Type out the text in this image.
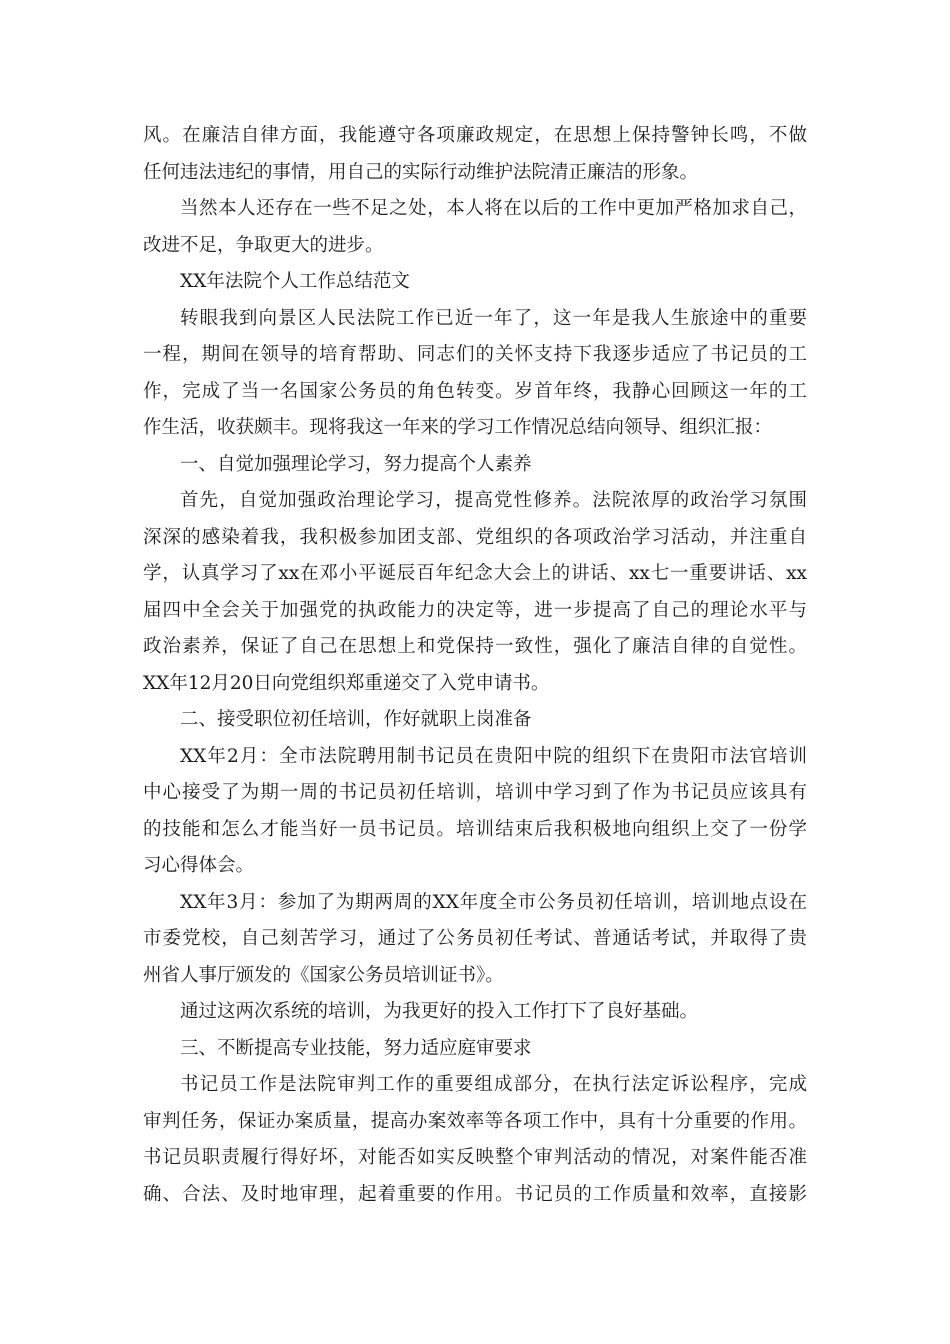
风。在廉洁自律方面，我能遵守各项廉政规定，在思想上保持警钟长鸣，不做
任何违法违纪的事情，用自己的实际行动维护法院清正廉洁的形象。
当然本人还存在一些不足之处，本人将在以后的工作中更加严格加求自己，
改进不足，争取更大的进步。
XX年法院个人工作总结范文
转眼我到向景区人民法院工作已近一年了，这一年是我人生旅途中的重要
一程，期间在领导的培育帮助、同志们的关怀支持下我逐步适应了书记员的工
作，完成了当一名国家公务员的角色转变。岁首年终，我静心回顾这一年的工
作生活，收获颇丰。现将我这一年来的学习工作情况总结向领导、组织汇报：
一、自觉加强理论学习，努力提高个人素养
首先，自觉加强政治理论学习，提高党性修养。法院浓厚的政治学习氛围
深深的感染着我，我积极参加团支部、党组织的各项政治学习活动，并注重自
学，认真学习了xx在邓小平诞辰百年纪念大会上的讲话、xx七一重要讲话、xx
届四中全会关于加强党的执政能力的决定等，进一步提高了自己的理论水平与
政治素养，保证了自己在思想上和党保持一致性，强化了廉洁自律的自觉性。
XX年12月20日向党组织郑重递交了入党申请书。
二、接受职位初任培训，作好就职上岗准备
XX年2月：全市法院聘用制书记员在贵阳中院的组织下在贵阳市法官培训
中心接受了为期一周的书记员初任培训，培训中学习到了作为书记员应该具有
的技能和怎么才能当好一员书记员。培训结束后我积极地向组织上交了一份学
习心得体会。
XX年3月：参加了为期两周的XX年度全市公务员初任培训，培训地点设在
市委党校，自己刻苦学习，通过了公务员初任考试、普通话考试，并取得了贵
州省人事厅颁发的《国家公务员培训证书》。
通过这两次系统的培训，为我更好的投入工作打下了良好基础。
三、不断提高专业技能，努力适应庭审要求
书记员工作是法院审判工作的重要组成部分，在执行法定诉讼程序，完成
审判任务，保证办案质量，提高办案效率等各项工作中，具有十分重要的作用。
书记员职责履行得好坏，对能否如实反映整个审判活动的情况，对案件能否准
确、合法、及时地审理，起着重要的作用。书记员的工作质量和效率，直接影
